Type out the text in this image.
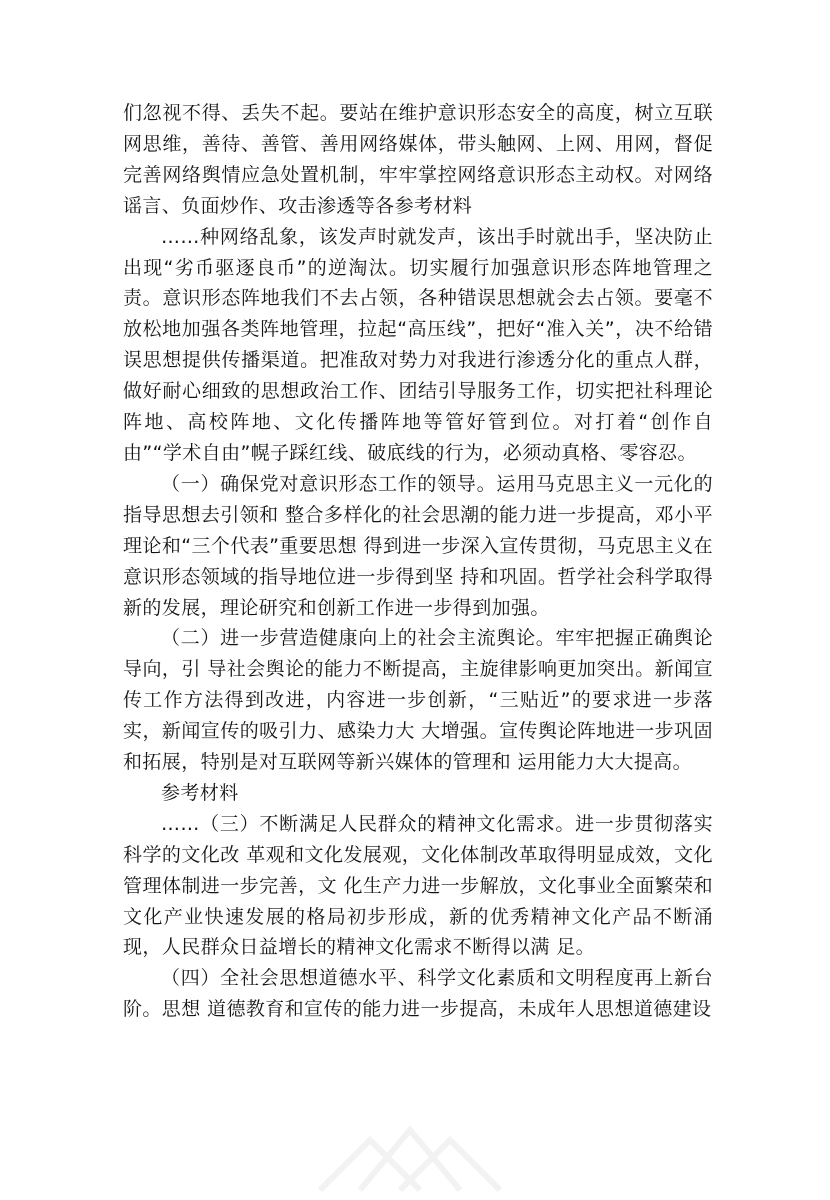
们忽视不得、丢失不起。要站在维护意识形态安全的高度，树立互联网思维，善待、善管、善用网络媒体，带头触网、上网、用网，督促完善网络舆情应急处置机制，牢牢掌控网络意识形态主动权。对网络谣言、负面炒作、攻击渗透等各参考材料

……种网络乱象，该发声时就发声，该出手时就出手，坚决防止出现“劣币驱逐良币”的逆淘汰。切实履行加强意识形态阵地管理之责。意识形态阵地我们不去占领，各种错误思想就会去占领。要毫不放松地加强各类阵地管理，拉起“高压线”，把好“准入关”，决不给错误思想提供传播渠道。把准敌对势力对我进行渗透分化的重点人群，做好耐心细致的思想政治工作、团结引导服务工作，切实把社科理论阵地、高校阵地、文化传播阵地等管好管到位。对打着“创作自由”“学术自由”幌子踩红线、破底线的行为，必须动真格、零容忍。

（一）确保党对意识形态工作的领导。运用马克思主义一元化的指导思想去引领和 整合多样化的社会思潮的能力进一步提高，邓小平理论和“三个代表”重要思想 得到进一步深入宣传贯彻，马克思主义在意识形态领域的指导地位进一步得到坚 持和巩固。哲学社会科学取得新的发展，理论研究和创新工作进一步得到加强。

（二）进一步营造健康向上的社会主流舆论。牢牢把握正确舆论导向，引 导社会舆论的能力不断提高，主旋律影响更加突出。新闻宣传工作方法得到改进，内容进一步创新，“三贴近”的要求进一步落实，新闻宣传的吸引力、感染力大 大增强。宣传舆论阵地进一步巩固和拓展，特别是对互联网等新兴媒体的管理和 运用能力大大提高。

参考材料

……（三）不断满足人民群众的精神文化需求。进一步贯彻落实科学的文化改 革观和文化发展观，文化体制改革取得明显成效，文化管理体制进一步完善，文 化生产力进一步解放，文化事业全面繁荣和文化产业快速发展的格局初步形成，新的优秀精神文化产品不断涌现，人民群众日益增长的精神文化需求不断得以满 足。

（四）全社会思想道德水平、科学文化素质和文明程度再上新台阶。思想 道德教育和宣传的能力进一步提高，未成年人思想道德建设
